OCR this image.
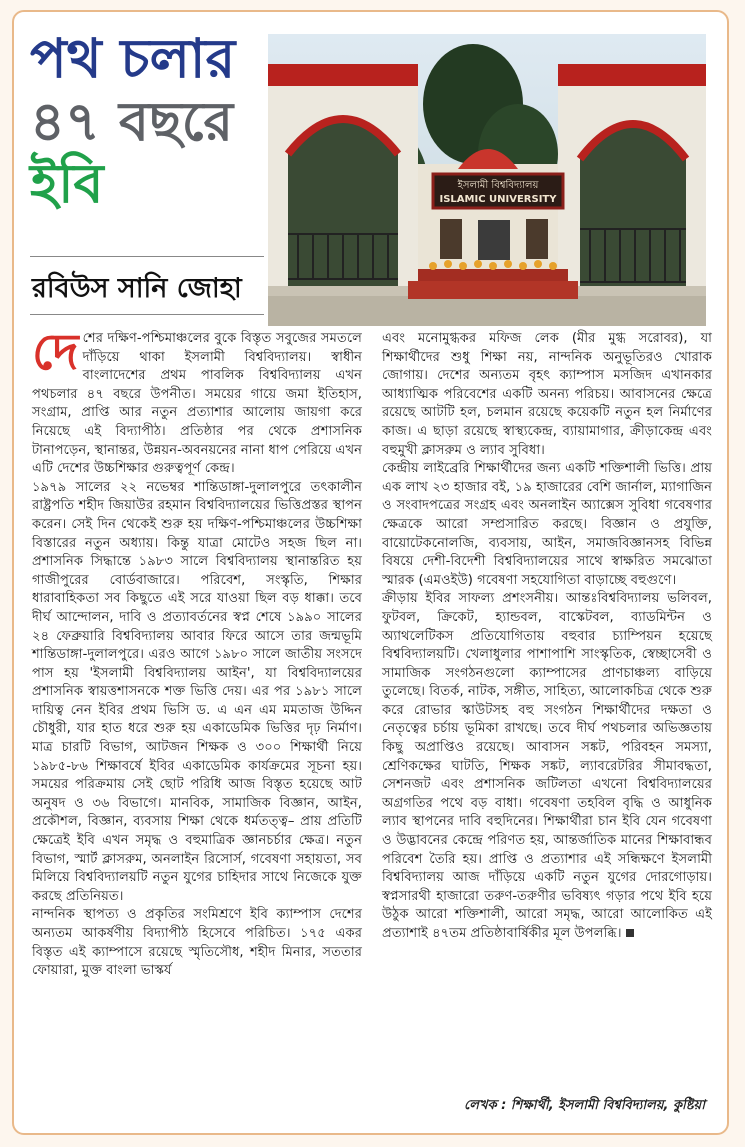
পথ চলার
৪৭ বছরে
ইবি
রবিউস সানি জোহা
ইসলামী বিশ্ববিদ্যালয়
ISLAMIC UNIVERSITY

দেশের দক্ষিণ-পশ্চিমাঞ্চলের বুকে বিস্তৃত সবুজের সমতলে দাঁড়িয়ে থাকা ইসলামী বিশ্ববিদ্যালয়। স্বাধীন বাংলাদেশের প্রথম পাবলিক বিশ্ববিদ্যালয় এখন পথচলার ৪৭ বছরে উপনীত। সময়ের গায়ে জমা ইতিহাস, সংগ্রাম, প্রাপ্তি আর নতুন প্রত্যাশার আলোয় জায়গা করে নিয়েছে এই বিদ্যাপীঠ। প্রতিষ্ঠার পর থেকে প্রশাসনিক টানাপড়েন, স্থানান্তর, উন্নয়ন-অবনয়নের নানা ধাপ পেরিয়ে এখন এটি দেশের উচ্চশিক্ষার গুরুত্বপূর্ণ কেন্দ্র।

১৯৭৯ সালের ২২ নভেম্বর শান্তিডাঙ্গা-দুলালপুরে তৎকালীন রাষ্ট্রপতি শহীদ জিয়াউর রহমান বিশ্ববিদ্যালয়ের ভিত্তিপ্রস্তর স্থাপন করেন। সেই দিন থেকেই শুরু হয় দক্ষিণ-পশ্চিমাঞ্চলের উচ্চশিক্ষা বিস্তারের নতুন অধ্যায়। কিন্তু যাত্রা মোটেও সহজ ছিল না। প্রশাসনিক সিদ্ধান্তে ১৯৮৩ সালে বিশ্ববিদ্যালয় স্থানান্তরিত হয় গাজীপুরের বোর্ডবাজারে। পরিবেশ, সংস্কৃতি, শিক্ষার ধারাবাহিকতা সব কিছুতে এই সরে যাওয়া ছিল বড় ধাক্কা। তবে দীর্ঘ আন্দোলন, দাবি ও প্রত্যাবর্তনের স্বপ্ন শেষে ১৯৯০ সালের ২৪ ফেব্রুয়ারি বিশ্ববিদ্যালয় আবার ফিরে আসে তার জন্মভূমি শান্তিডাঙ্গা-দুলালপুরে। এরও আগে ১৯৮০ সালে জাতীয় সংসদে পাস হয় 'ইসলামী বিশ্ববিদ্যালয় আইন', যা বিশ্ববিদ্যালয়ের প্রশাসনিক স্বায়ত্তশাসনকে শক্ত ভিত্তি দেয়। এর পর ১৯৮১ সালে দায়িত্ব নেন ইবির প্রথম ভিসি ড. এ এন এম মমতাজ উদ্দিন চৌধুরী, যার হাত ধরে শুরু হয় একাডেমিক ভিত্তির দৃঢ় নির্মাণ। মাত্র চারটি বিভাগ, আটজন শিক্ষক ও ৩০০ শিক্ষার্থী নিয়ে ১৯৮৫-৮৬ শিক্ষাবর্ষে ইবির একাডেমিক কার্যক্রমের সূচনা হয়। সময়ের পরিক্রমায় সেই ছোট পরিধি আজ বিস্তৃত হয়েছে আট অনুষদ ও ৩৬ বিভাগে। মানবিক, সামাজিক বিজ্ঞান, আইন, প্রকৌশল, বিজ্ঞান, ব্যবসায় শিক্ষা থেকে ধর্মতত্ত্ব– প্রায় প্রতিটি ক্ষেত্রেই ইবি এখন সমৃদ্ধ ও বহুমাত্রিক জ্ঞানচর্চার ক্ষেত্র। নতুন বিভাগ, স্মার্ট ক্লাসরুম, অনলাইন রিসোর্স, গবেষণা সহায়তা, সব মিলিয়ে বিশ্ববিদ্যালয়টি নতুন যুগের চাহিদার সাথে নিজেকে যুক্ত করছে প্রতিনিয়ত।

নান্দনিক স্থাপত্য ও প্রকৃতির সংমিশ্রণে ইবি ক্যাম্পাস দেশের অন্যতম আকর্ষণীয় বিদ্যাপীঠ হিসেবে পরিচিত। ১৭৫ একর বিস্তৃত এই ক্যাম্পাসে রয়েছে স্মৃতিসৌধ, শহীদ মিনার, সততার ফোয়ারা, মুক্ত বাংলা ভাস্কর্য

এবং মনোমুগ্ধকর মফিজ লেক (মীর মুগ্ধ সরোবর), যা শিক্ষার্থীদের শুধু শিক্ষা নয়, নান্দনিক অনুভূতিরও খোরাক জোগায়। দেশের অন্যতম বৃহৎ ক্যাম্পাস মসজিদ এখানকার আধ্যাত্মিক পরিবেশের একটি অনন্য পরিচয়। আবাসনের ক্ষেত্রে রয়েছে আটটি হল, চলমান রয়েছে কয়েকটি নতুন হল নির্মাণের কাজ। এ ছাড়া রয়েছে স্বাস্থ্যকেন্দ্র, ব্যায়ামাগার, ক্রীড়াকেন্দ্র এবং বহুমুখী ক্লাসরুম ও ল্যাব সুবিধা।

কেন্দ্রীয় লাইব্রেরি শিক্ষার্থীদের জন্য একটি শক্তিশালী ভিত্তি। প্রায় এক লাখ ২৩ হাজার বই, ১৯ হাজারের বেশি জার্নাল, ম্যাগাজিন ও সংবাদপত্রের সংগ্রহ এবং অনলাইন অ্যাক্সেস সুবিধা গবেষণার ক্ষেত্রকে আরো সম্প্রসারিত করছে। বিজ্ঞান ও প্রযুক্তি, বায়োটেকনোলজি, ব্যবসায়, আইন, সমাজবিজ্ঞানসহ বিভিন্ন বিষয়ে দেশী-বিদেশী বিশ্ববিদ্যালয়ের সাথে স্বাক্ষরিত সমঝোতা স্মারক (এমওইউ) গবেষণা সহযোগিতা বাড়াচ্ছে বহুগুণে।

ক্রীড়ায় ইবির সাফল্য প্রশংসনীয়। আন্তঃবিশ্ববিদ্যালয় ভলিবল, ফুটবল, ক্রিকেট, হ্যান্ডবল, বাস্কেটবল, ব্যাডমিন্টন ও অ্যাথলেটিকস প্রতিযোগিতায় বহুবার চ্যাম্পিয়ন হয়েছে বিশ্ববিদ্যালয়টি। খেলাধুলার পাশাপাশি সাংস্কৃতিক, স্বেচ্ছাসেবী ও সামাজিক সংগঠনগুলো ক্যাম্পাসের প্রাণচাঞ্চল্য বাড়িয়ে তুলেছে। বিতর্ক, নাটক, সঙ্গীত, সাহিত্য, আলোকচিত্র থেকে শুরু করে রোভার স্কাউটসহ বহু সংগঠন শিক্ষার্থীদের দক্ষতা ও নেতৃত্বের চর্চায় ভূমিকা রাখছে। তবে দীর্ঘ পথচলার অভিজ্ঞতায় কিছু অপ্রাপ্তিও রয়েছে। আবাসন সঙ্কট, পরিবহন সমস্যা, শ্রেণিকক্ষের ঘাটতি, শিক্ষক সঙ্কট, ল্যাবরেটরির সীমাবদ্ধতা, সেশনজট এবং প্রশাসনিক জটিলতা এখনো বিশ্ববিদ্যালয়ের অগ্রগতির পথে বড় বাধা। গবেষণা তহবিল বৃদ্ধি ও আধুনিক ল্যাব স্থাপনের দাবি বহুদিনের। শিক্ষার্থীরা চান ইবি যেন গবেষণা ও উদ্ভাবনের কেন্দ্রে পরিণত হয়, আন্তর্জাতিক মানের শিক্ষাবান্ধব পরিবেশ তৈরি হয়। প্রাপ্তি ও প্রত্যাশার এই সন্ধিক্ষণে ইসলামী বিশ্ববিদ্যালয় আজ দাঁড়িয়ে একটি নতুন যুগের দোরগোড়ায়। স্বপ্নসারথী হাজারো তরুণ-তরুণীর ভবিষ্যৎ গড়ার পথে ইবি হয়ে উঠুক আরো শক্তিশালী, আরো সমৃদ্ধ, আরো আলোকিত এই প্রত্যাশাই ৪৭তম প্রতিষ্ঠাবার্ষিকীর মূল উপলব্ধি।

লেখক : শিক্ষার্থী, ইসলামী বিশ্ববিদ্যালয়, কুষ্টিয়া
